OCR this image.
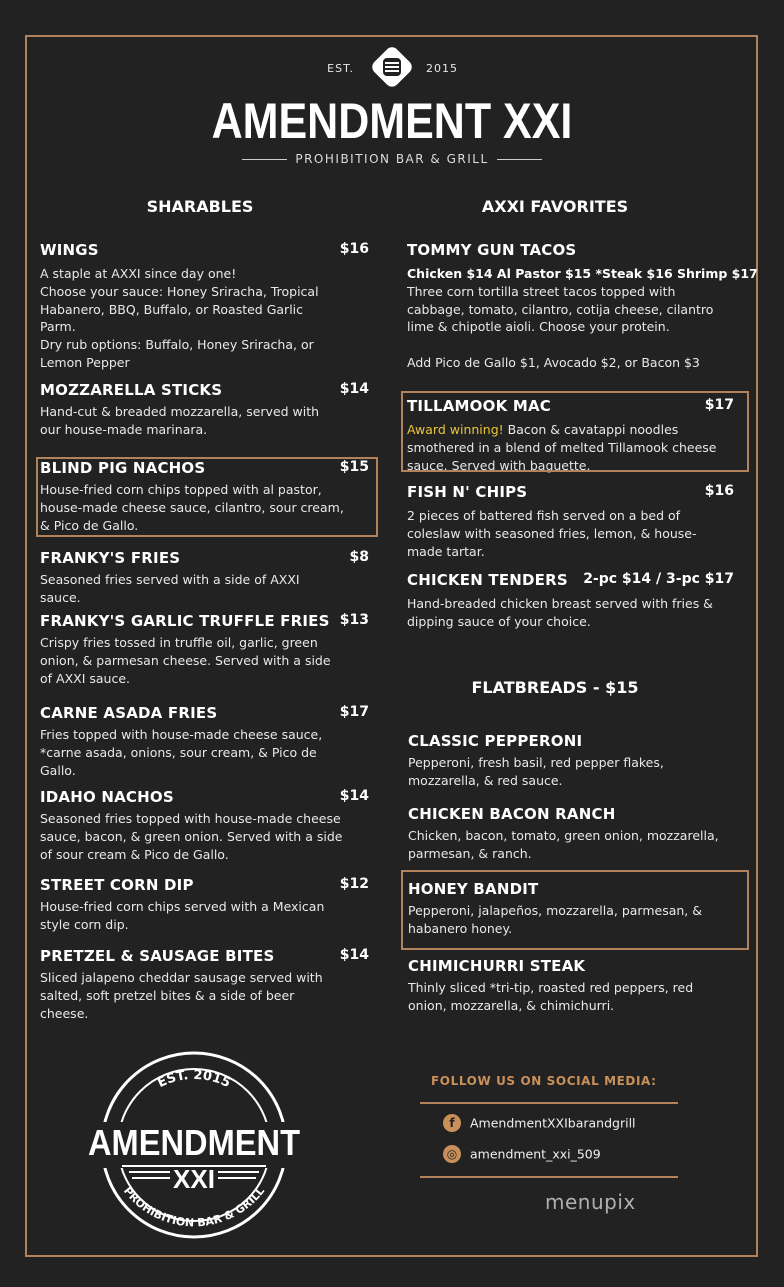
EST.	2015
AMENDMENT XXI
PROHIBITION BAR & GRILL
SHARABLES	AXXI FAVORITES
WINGS	$16
A staple at AXXI since day one!
Choose your sauce: Honey Sriracha, Tropical
Habanero, BBQ, Buffalo, or Roasted Garlic
Parm.
Dry rub options: Buffalo, Honey Sriracha, or
Lemon Pepper
MOZZARELLA STICKS	$14
Hand-cut & breaded mozzarella, served with
our house-made marinara.
BLIND PIG NACHOS	$15
House-fried corn chips topped with al pastor,
house-made cheese sauce, cilantro, sour cream,
& Pico de Gallo.
FRANKY'S FRIES	$8
Seasoned fries served with a side of AXXI
sauce.
FRANKY'S GARLIC TRUFFLE FRIES $13
Crispy fries tossed in truffle oil, garlic, green
onion, & parmesan cheese. Served with a side
of AXXI sauce.
CARNE ASADA FRIES	$17
Fries topped with house-made cheese sauce,
*carne asada, onions, sour cream, & Pico de
Gallo.
IDAHO NACHOS	$14
Seasoned fries topped with house-made cheese
sauce, bacon, & green onion. Served with a side
of sour cream & Pico de Gallo.
STREET CORN DIP	$12
House-fried corn chips served with a Mexican
style corn dip.
PRETZEL & SAUSAGE BITES	$14
Sliced jalapeno cheddar sausage served with
salted, soft pretzel bites & a side of beer
cheese.
TOMMY GUN TACOS
Chicken $14 Al Pastor $15 *Steak $16 Shrimp $17
Three corn tortilla street tacos topped with
cabbage, tomato, cilantro, cotija cheese, cilantro
lime & chipotle aioli. Choose your protein.
Add Pico de Gallo $1, Avocado $2, or Bacon $3
TILLAMOOK MAC	$17
Award winning! Bacon & cavatappi noodles
smothered in a blend of melted Tillamook cheese
sauce. Served with baguette.
FISH N' CHIPS	$16
2 pieces of battered fish served on a bed of
coleslaw with seasoned fries, lemon, & house-
made tartar.
CHICKEN TENDERS 2-pc $14 / 3-pc $17
Hand-breaded chicken breast served with fries &
dipping sauce of your choice.
FLATBREADS - $15
CLASSIC PEPPERONI
Pepperoni, fresh basil, red pepper flakes,
mozzarella, & red sauce.
CHICKEN BACON RANCH
Chicken, bacon, tomato, green onion, mozzarella,
parmesan, & ranch.
HONEY BANDIT
Pepperoni, jalapeños, mozzarella, parmesan, &
habanero honey.
CHIMICHURRI STEAK
Thinly sliced *tri-tip, roasted red peppers, red
onion, mozzarella, & chimichurri.
FOLLOW US ON SOCIAL MEDIA:
f AmendmentXXIbarandgrill
◎ amendment_xxi_509
menupix
EST. 2015
AMENDMENT
XXI
PROHIBITION BAR & GRILL
